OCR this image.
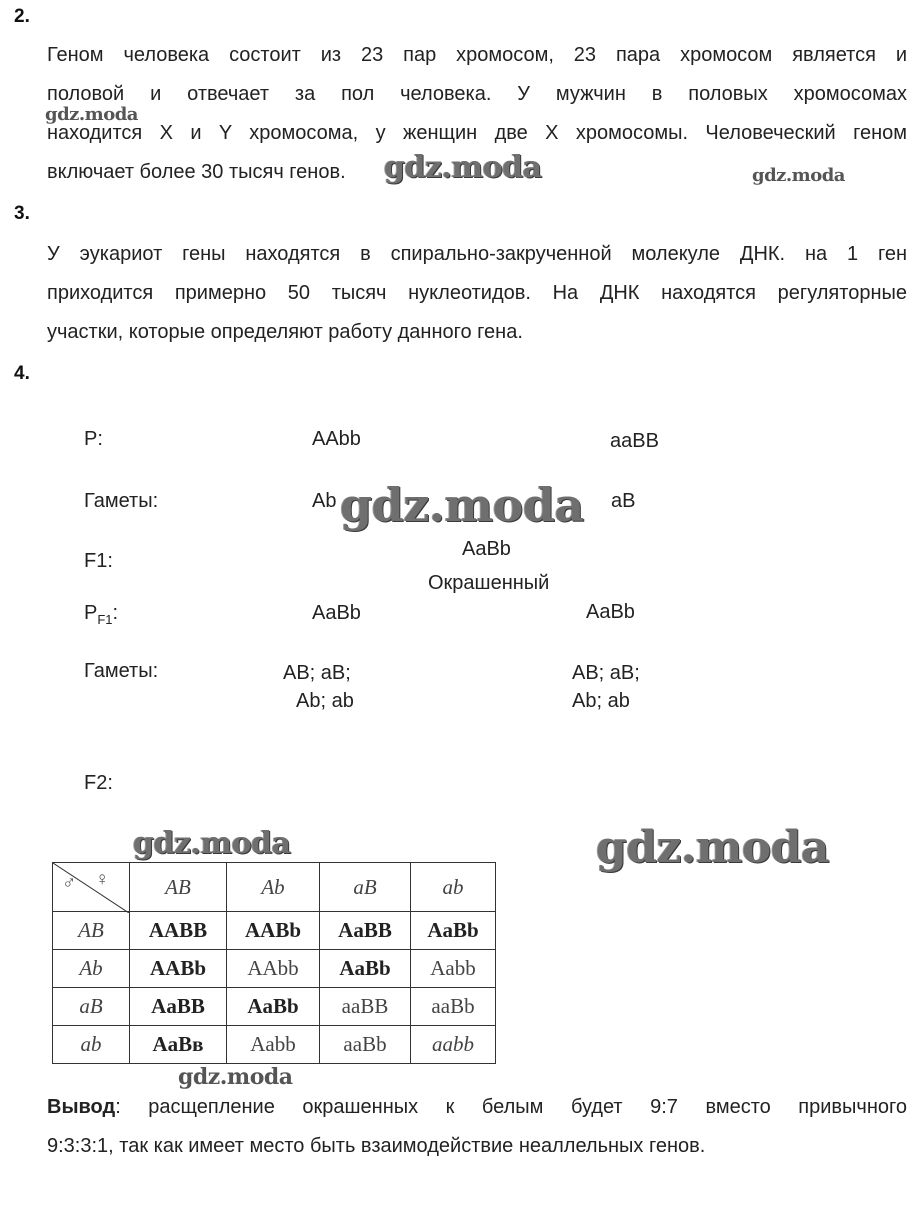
2.
Геном человека состоит из 23 пар хромосом, 23 пара хромосом является и
половой и отвечает за пол человека. У мужчин в половых хромосомах
находится X и Y хромосома, у женщин две X хромосомы. Человеческий геном
включает более 30 тысяч генов.
3.
У эукариот гены находятся в спирально-закрученной молекуле ДНК. на 1 ген
приходится примерно 50 тысяч нуклеотидов. На ДНК находятся регуляторные
участки, которые определяют работу данного гена.
4.
P:	AAbb	aaBB
Гаметы:	Ab	aB
AaBb
F1:
Окрашенный
$P_{F1}$:	AaBb	AaBb
Гаметы:	AB; aB;
Ab; ab
AB; aB;
Ab; ab
F2:
♂ ♀	AB	Ab	aB	ab
AB	AABB	AABb	AaBB	AaBb
Ab	AABb	AAbb	AaBb	Aabb
aB	AaBB	AaBb	aaBB	aaBb
ab	AaBв	Aabb	aaBb	aabb
Вывод: расщепление окрашенных к белым будет 9:7 вместо привычного
9:3:3:1, так как имеет место быть взаимодействие неаллельных генов.
gdz.moda
gdz.moda	gdz.moda
gdz.moda
gdz.moda	gdz.moda
gdz.moda
